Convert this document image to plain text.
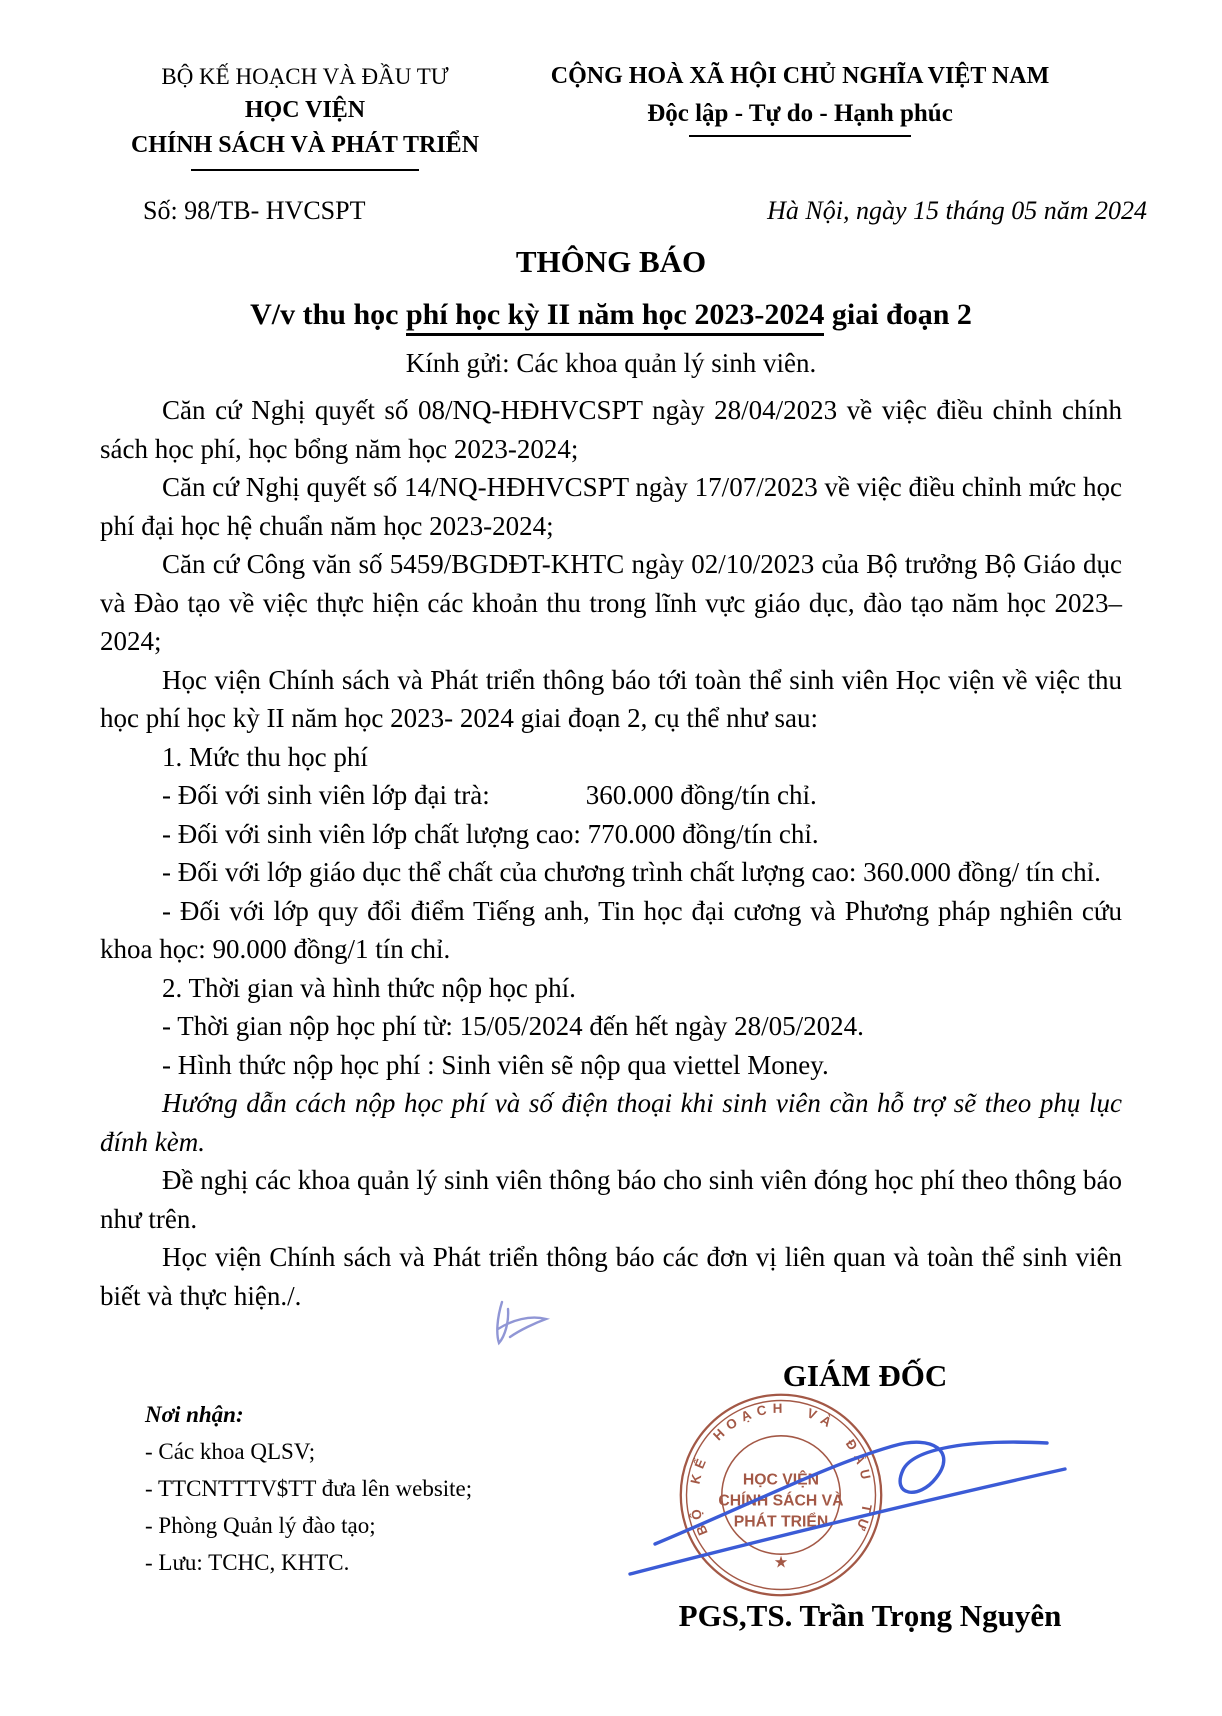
BỘ KẾ HOẠCH VÀ ĐẦU TƯ
HỌC VIỆN
CHÍNH SÁCH VÀ PHÁT TRIỂN
CỘNG HOÀ XÃ HỘI CHỦ NGHĨA VIỆT NAM
Độc lập - Tự do - Hạnh phúc
Số: 98/TB- HVCSPT	Hà Nội, ngày 15 tháng 05 năm 2024
THÔNG BÁO
V/v thu học phí học kỳ II năm học 2023-2024 giai đoạn 2
Kính gửi: Các khoa quản lý sinh viên.

Căn cứ Nghị quyết số 08/NQ-HĐHVCSPT ngày 28/04/2023 về việc điều chỉnh chính sách học phí, học bổng năm học 2023-2024;

Căn cứ Nghị quyết số 14/NQ-HĐHVCSPT ngày 17/07/2023 về việc điều chỉnh mức học phí đại học hệ chuẩn năm học 2023-2024;

Căn cứ Công văn số 5459/BGDĐT-KHTC ngày 02/10/2023 của Bộ trưởng Bộ Giáo dục và Đào tạo về việc thực hiện các khoản thu trong lĩnh vực giáo dục, đào tạo năm học 2023– 2024;

Học viện Chính sách và Phát triển thông báo tới toàn thể sinh viên Học viện về việc thu học phí học kỳ II năm học 2023- 2024 giai đoạn 2, cụ thể như sau:

1. Mức thu học phí

- Đối với sinh viên lớp đại trà:	360.000 đồng/tín chỉ.

- Đối với sinh viên lớp chất lượng cao: 770.000 đồng/tín chỉ.

- Đối với lớp giáo dục thể chất của chương trình chất lượng cao: 360.000 đồng/ tín chỉ.

- Đối với lớp quy đổi điểm Tiếng anh, Tin học đại cương và Phương pháp nghiên cứu khoa học: 90.000 đồng/1 tín chỉ.

2. Thời gian và hình thức nộp học phí.

- Thời gian nộp học phí từ: 15/05/2024 đến hết ngày 28/05/2024.

- Hình thức nộp học phí : Sinh viên sẽ nộp qua viettel Money.

Hướng dẫn cách nộp học phí và số điện thoại khi sinh viên cần hỗ trợ sẽ theo phụ lục đính kèm.

Đề nghị các khoa quản lý sinh viên thông báo cho sinh viên đóng học phí theo thông báo như trên.

Học viện Chính sách và Phát triển thông báo các đơn vị liên quan và toàn thể sinh viên biết và thực hiện./.

GIÁM ĐỐC
Nơi nhận:
- Các khoa QLSV;
- TTCNTTTV$TT đưa lên website;
- Phòng Quản lý đào tạo;
- Lưu: TCHC, KHTC.
BỘ KẾ HOẠCH VÀ ĐẦU TƯ
HỌC VIỆN
CHÍNH SÁCH VÀ
PHÁT TRIỂN
★
PGS,TS. Trần Trọng Nguyên
